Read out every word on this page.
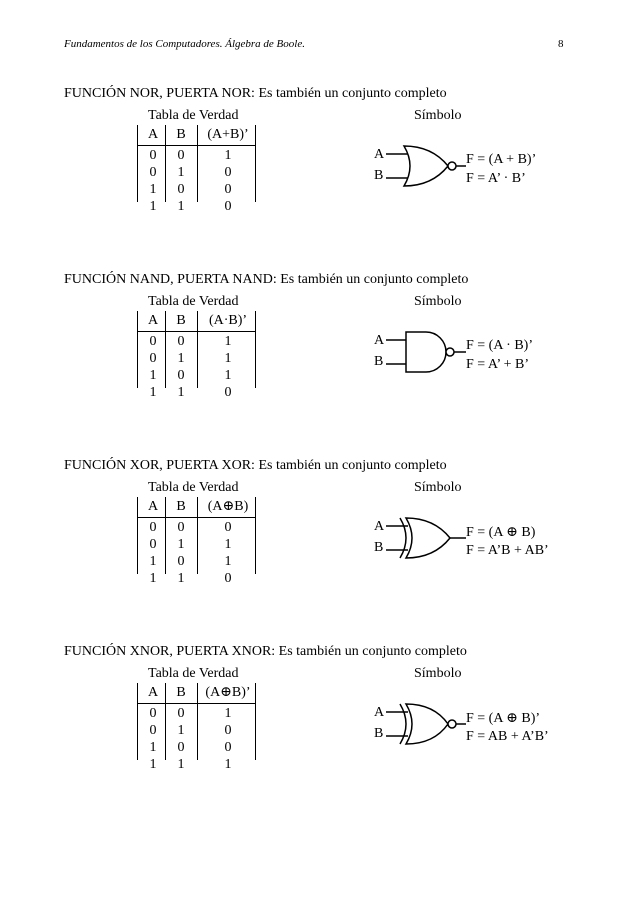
Fundamentos de los Computadores. Álgebra de Boole.	8
FUNCIÓN NOR, PUERTA NOR: Es también un conjunto completo
Tabla de Verdad	Símbolo
A	B	(A+B)’
0	0	1
0	1	0
1	0	0
1	1	0
A
B
F = (A + B)’
F = A’ · B’
FUNCIÓN NAND, PUERTA NAND: Es también un conjunto completo
Tabla de Verdad	Símbolo
A	B	(A·B)’
0	0	1
0	1	1
1	0	1
1	1	0
A
B
F = (A · B)’
F = A’ + B’
FUNCIÓN XOR, PUERTA XOR: Es también un conjunto completo
Tabla de Verdad	Símbolo
A	B	(A⊕B)
0	0	0
0	1	1
1	0	1
1	1	0
A
B
F = (A ⊕ B)
F = A’B + AB’
FUNCIÓN XNOR, PUERTA XNOR: Es también un conjunto completo
Tabla de Verdad	Símbolo
A	B	(A⊕B)’
0	0	1
0	1	0
1	0	0
1	1	1
A
B
F = (A ⊕ B)’
F = AB + A’B’
